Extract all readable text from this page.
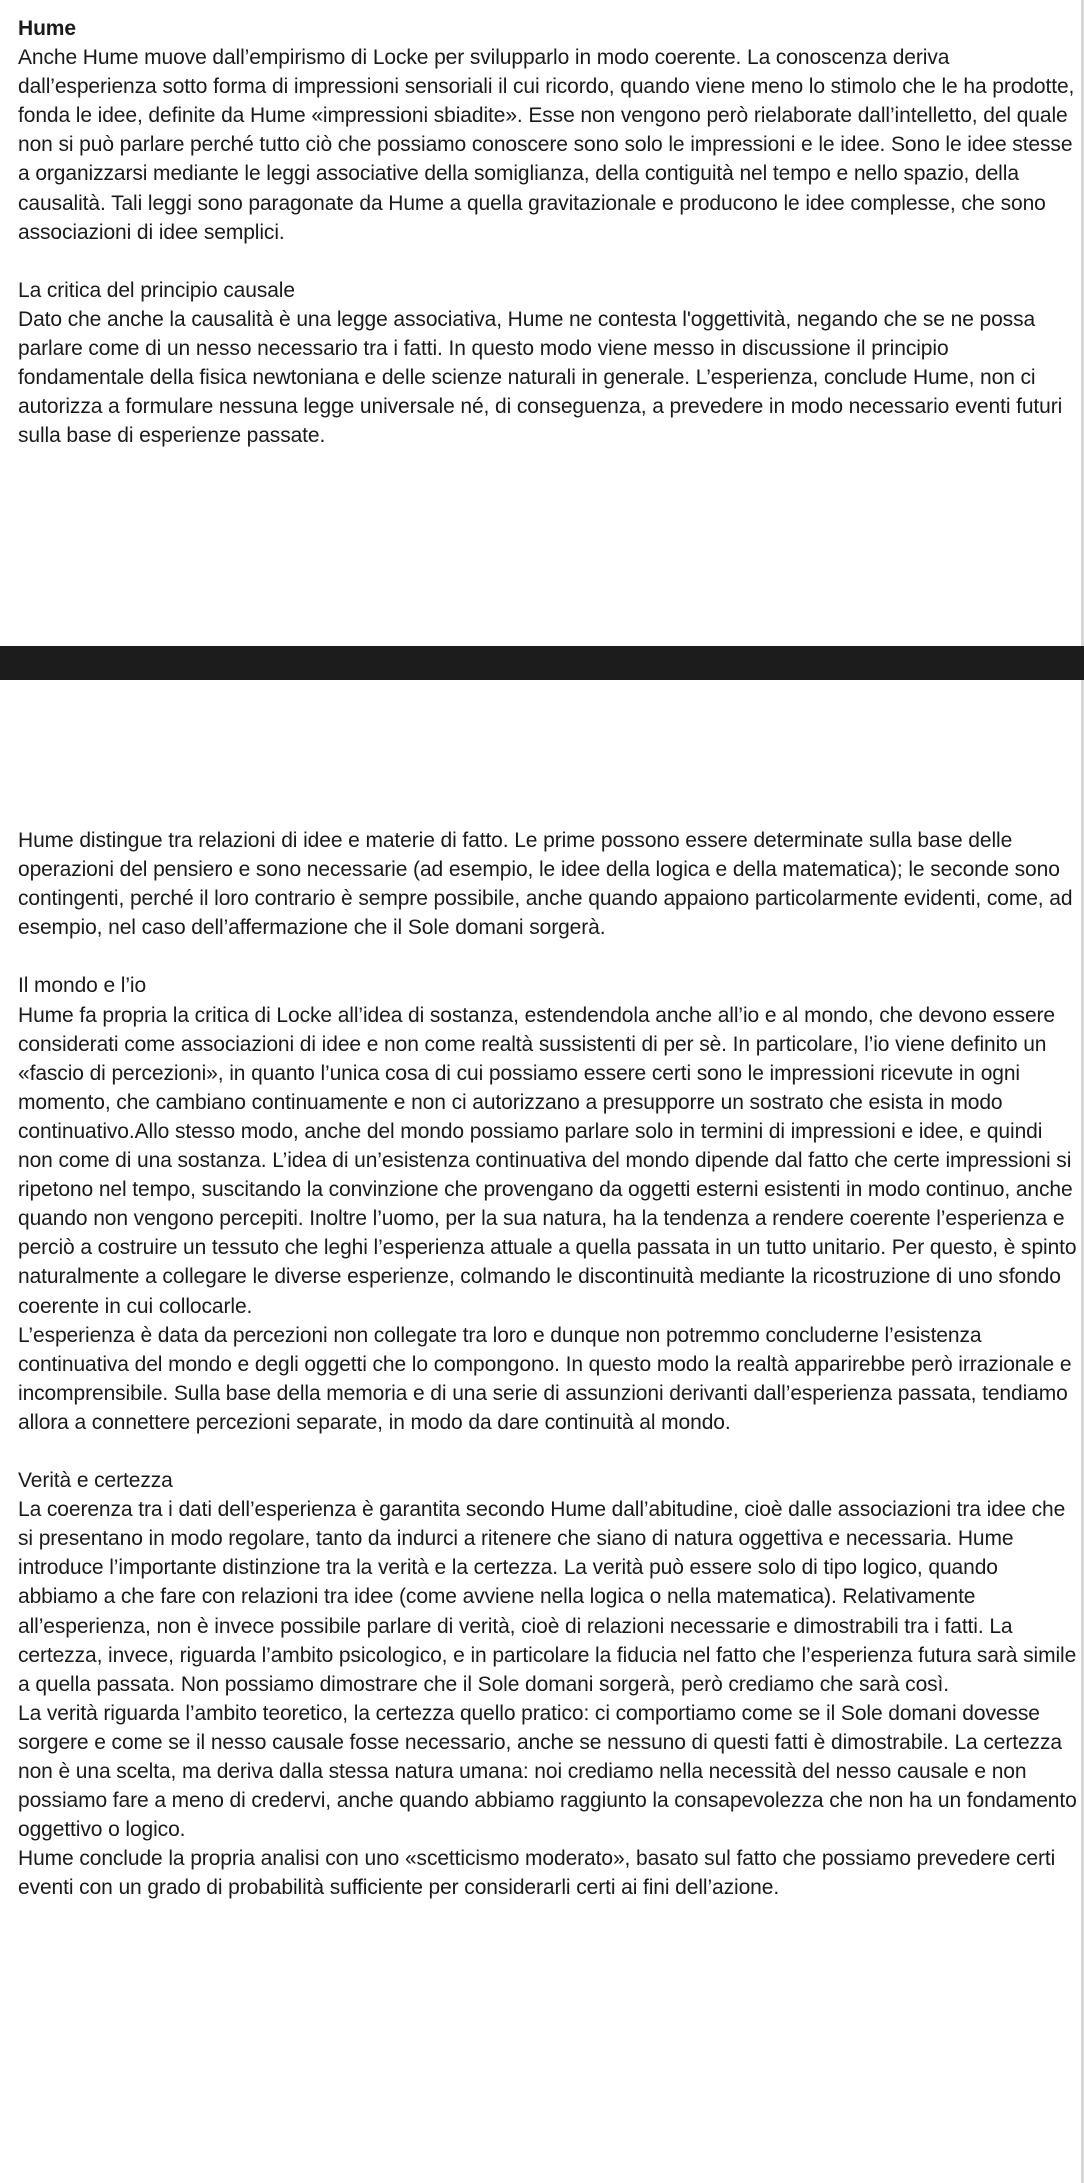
Hume

Anche Hume muove dall’empirismo di Locke per svilupparlo in modo coerente. La conoscenza deriva dall’esperienza sotto forma di impressioni sensoriali il cui ricordo, quando viene meno lo stimolo che le ha prodotte, fonda le idee, definite da Hume «impressioni sbiadite». Esse non vengono però rielaborate dall’intelletto, del quale non si può parlare perché tutto ciò che possiamo conoscere sono solo le impressioni e le idee. Sono le idee stesse a organizzarsi mediante le leggi associative della somiglianza, della contiguità nel tempo e nello spazio, della causalità. Tali leggi sono paragonate da Hume a quella gravitazionale e producono le idee complesse, che sono associazioni di idee semplici.

La critica del principio causale

Dato che anche la causalità è una legge associativa, Hume ne contesta l'oggettività, negando che se ne possa parlare come di un nesso necessario tra i fatti. In questo modo viene messo in discussione il principio fondamentale della fisica newtoniana e delle scienze naturali in generale. L’esperienza, conclude Hume, non ci autorizza a formulare nessuna legge universale né, di conseguenza, a prevedere in modo necessario eventi futuri sulla base di esperienze passate.

Hume distingue tra relazioni di idee e materie di fatto. Le prime possono essere determinate sulla base delle operazioni del pensiero e sono necessarie (ad esempio, le idee della logica e della matematica); le seconde sono contingenti, perché il loro contrario è sempre possibile, anche quando appaiono particolarmente evidenti, come, ad esempio, nel caso dell’affermazione che il Sole domani sorgerà.

Il mondo e l’io

Hume fa propria la critica di Locke all’idea di sostanza, estendendola anche all’io e al mondo, che devono essere considerati come associazioni di idee e non come realtà sussistenti di per sè. In particolare, l’io viene definito un «fascio di percezioni», in quanto l’unica cosa di cui possiamo essere certi sono le impressioni ricevute in ogni momento, che cambiano continuamente e non ci autorizzano a presupporre un sostrato che esista in modo continuativo.Allo stesso modo, anche del mondo possiamo parlare solo in termini di impressioni e idee, e quindi non come di una sostanza. L’idea di un’esistenza continuativa del mondo dipende dal fatto che certe impressioni si ripetono nel tempo, suscitando la convinzione che provengano da oggetti esterni esistenti in modo continuo, anche quando non vengono percepiti. Inoltre l’uomo, per la sua natura, ha la tendenza a rendere coerente l’esperienza e perciò a costruire un tessuto che leghi l’esperienza attuale a quella passata in un tutto unitario. Per questo, è spinto naturalmente a collegare le diverse esperienze, colmando le discontinuità mediante la ricostruzione di uno sfondo coerente in cui collocarle.

L’esperienza è data da percezioni non collegate tra loro e dunque non potremmo concluderne l’esistenza continuativa del mondo e degli oggetti che lo compongono. In questo modo la realtà apparirebbe però irrazionale e incomprensibile. Sulla base della memoria e di una serie di assunzioni derivanti dall’esperienza passata, tendiamo allora a connettere percezioni separate, in modo da dare continuità al mondo.

Verità e certezza

La coerenza tra i dati dell’esperienza è garantita secondo Hume dall’abitudine, cioè dalle associazioni tra idee che si presentano in modo regolare, tanto da indurci a ritenere che siano di natura oggettiva e necessaria. Hume introduce l’importante distinzione tra la verità e la certezza. La verità può essere solo di tipo logico, quando abbiamo a che fare con relazioni tra idee (come avviene nella logica o nella matematica). Relativamente all’esperienza, non è invece possibile parlare di verità, cioè di relazioni necessarie e dimostrabili tra i fatti. La certezza, invece, riguarda l’ambito psicologico, e in particolare la fiducia nel fatto che l’esperienza futura sarà simile a quella passata. Non possiamo dimostrare che il Sole domani sorgerà, però crediamo che sarà così.

La verità riguarda l’ambito teoretico, la certezza quello pratico: ci comportiamo come se il Sole domani dovesse sorgere e come se il nesso causale fosse necessario, anche se nessuno di questi fatti è dimostrabile. La certezza non è una scelta, ma deriva dalla stessa natura umana: noi crediamo nella necessità del nesso causale e non possiamo fare a meno di credervi, anche quando abbiamo raggiunto la consapevolezza che non ha un fondamento oggettivo o logico.

Hume conclude la propria analisi con uno «scetticismo moderato», basato sul fatto che possiamo prevedere certi eventi con un grado di probabilità sufficiente per considerarli certi ai fini dell’azione.
